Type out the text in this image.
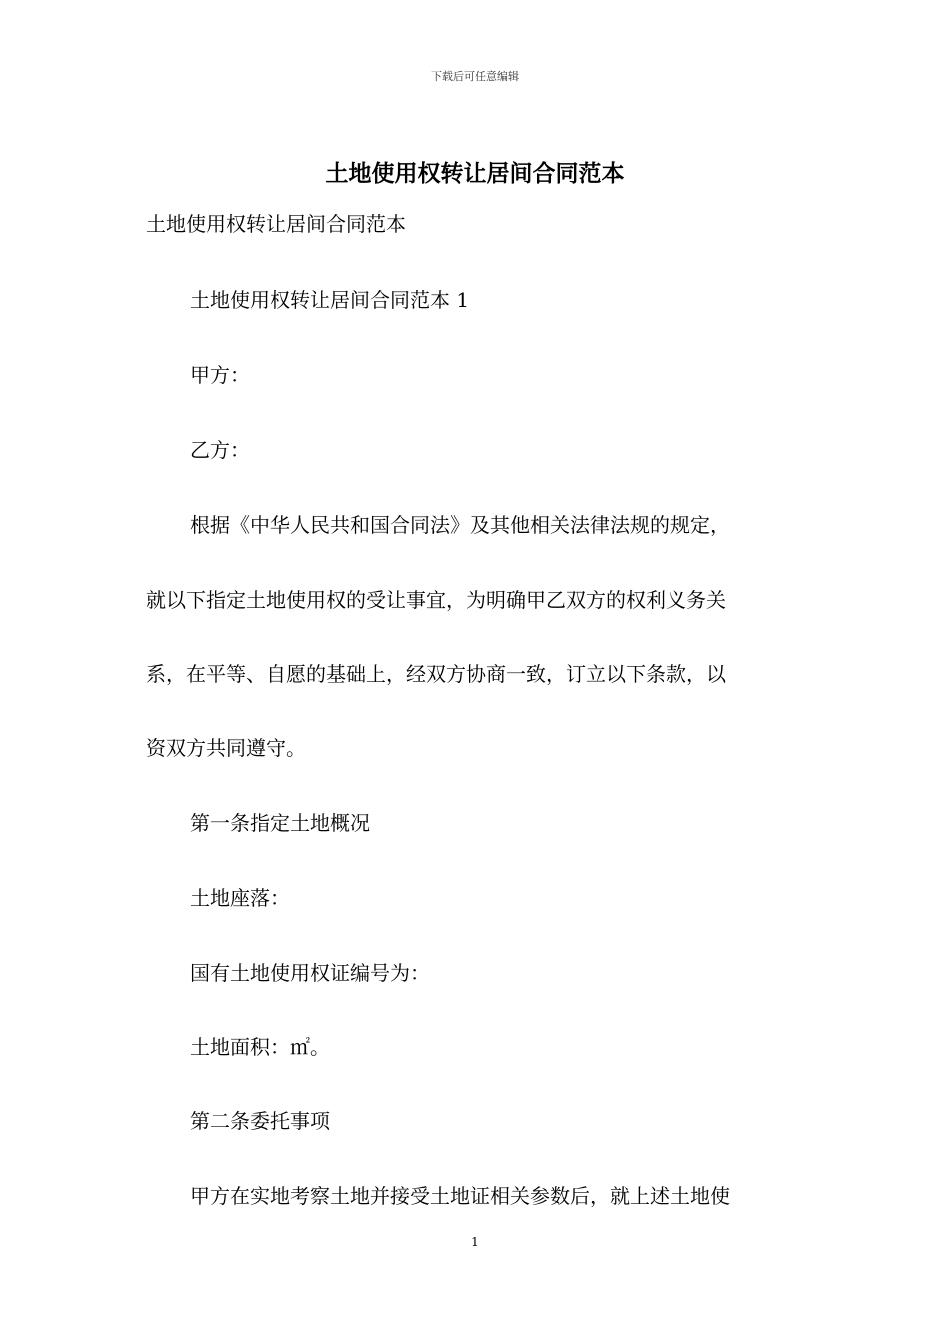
下载后可任意编辑
土地使用权转让居间合同范本
土地使用权转让居间合同范本
土地使用权转让居间合同范本 1
甲方：
乙方：
根据《中华人民共和国合同法》及其他相关法律法规的规定，
就以下指定土地使用权的受让事宜，为明确甲乙双方的权利义务关
系，在平等、自愿的基础上，经双方协商一致，订立以下条款，以
资双方共同遵守。
第一条指定土地概况
土地座落：
国有土地使用权证编号为：
土地面积：㎡。
第二条委托事项
甲方在实地考察土地并接受土地证相关参数后，就上述土地使
1
